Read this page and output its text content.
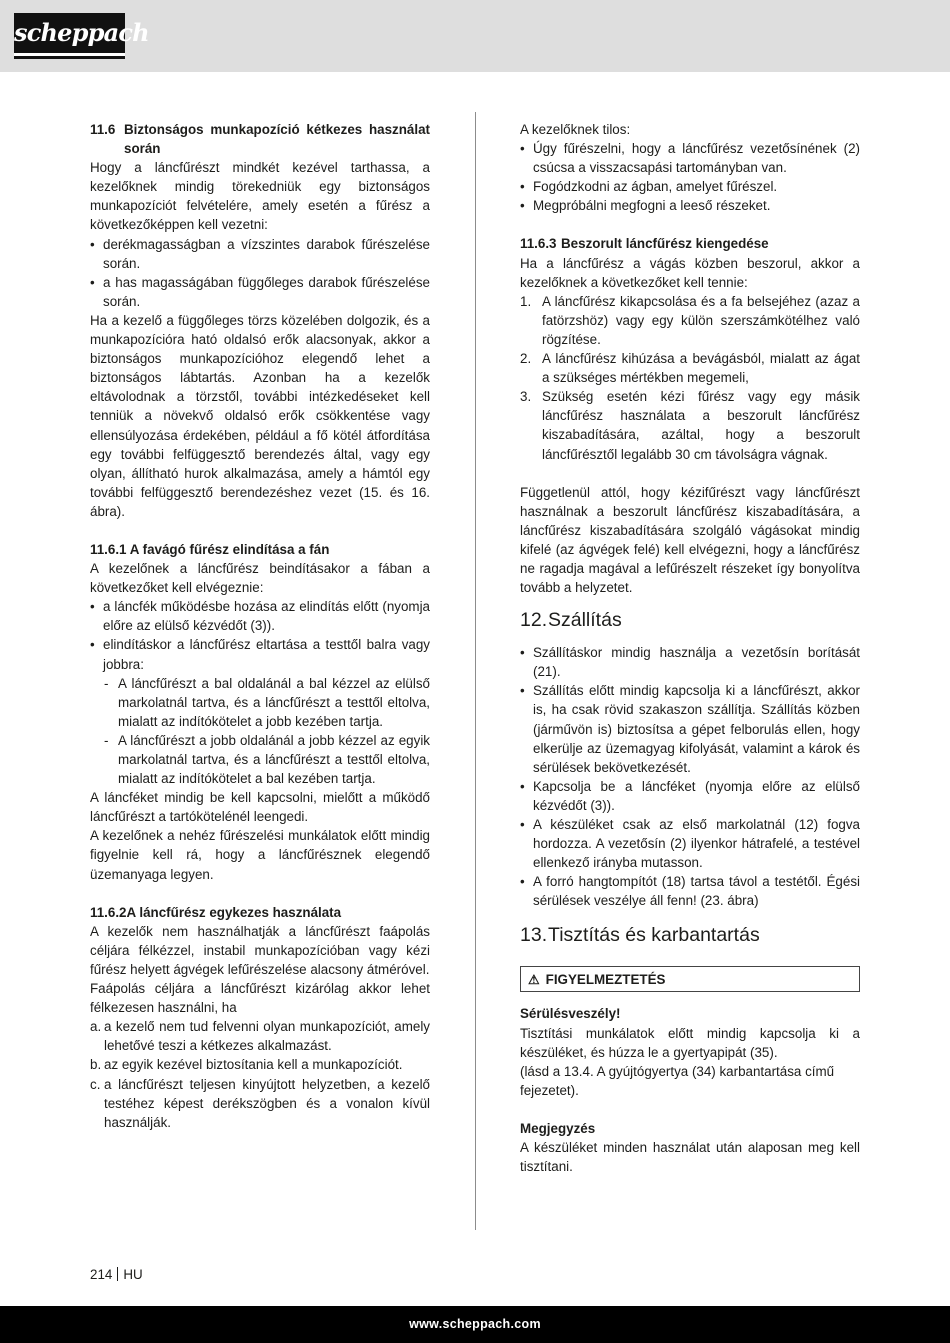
scheppach
11.6 Biztonságos munkapozíció kétkezes használat során

Hogy a láncfűrészt mindkét kezével tarthassa, a kezelőknek mindig törekedniük egy biztonságos munkapozíciót felvételére, amely esetén a fűrész a következőképpen kell vezetni:

• derékmagasságban a vízszintes darabok fűrészelése során.
• a has magasságában függőleges darabok fűrészelése során.

Ha a kezelő a függőleges törzs közelében dolgozik, és a munkapozícióra ható oldalsó erők alacsonyak, akkor a biztonságos munkapozícióhoz elegendő lehet a biztonságos lábtartás. Azonban ha a kezelők eltávolodnak a törzstől, további intézkedéseket kell tenniük a növekvő oldalsó erők csökkentése vagy ellensúlyozása érdekében, például a fő kötél átfordítása egy további felfüggesztő berendezés által, vagy egy olyan, állítható hurok alkalmazása, amely a hámtól egy további felfüggesztő berendezéshez vezet (15. és 16. ábra).

11.6.1 A favágó fűrész elindítása a fán

A kezelőnek a láncfűrész beindításakor a fában a következőket kell elvégeznie:

• a láncfék működésbe hozása az elindítás előtt (nyomja előre az elülső kézvédőt (3)).
• elindításkor a láncfűrész eltartása a testtől balra vagy jobbra:
- A láncfűrészt a bal oldalánál a bal kézzel az elülső markolatnál tartva, és a láncfűrészt a testtől eltolva, mialatt az indítókötelet a jobb kezében tartja.
- A láncfűrészt a jobb oldalánál a jobb kézzel az egyik markolatnál tartva, és a láncfűrészt a testtől eltolva, mialatt az indítókötelet a bal kezében tartja.

A láncféket mindig be kell kapcsolni, mielőtt a működő láncfűrészt a tartókötelénél leengedi.

A kezelőnek a nehéz fűrészelési munkálatok előtt mindig figyelnie kell rá, hogy a láncfűrésznek elegendő üzemanyaga legyen.

11.6.2A láncfűrész egykezes használata

A kezelők nem használhatják a láncfűrészt faápolás céljára félkézzel, instabil munkapozícióban vagy kézi fűrész helyett ágvégek lefűrészelése alacsony átméróvel.

Faápolás céljára a láncfűrészt kizárólag akkor lehet félkezesen használni, ha

a. a kezelő nem tud felvenni olyan munkapozíciót, amely lehetővé teszi a kétkezes alkalmazást.
b. az egyik kezével biztosítania kell a munkapozíciót.
c. a láncfűrészt teljesen kinyújtott helyzetben, a kezelő testéhez képest derékszögben és a vonalon kívül használják.

A kezelőknek tilos:

• Úgy fűrészelni, hogy a láncfűrész vezetősínének (2) csúcsa a visszacsapási tartományban van.
• Fogódzkodni az ágban, amelyet fűrészel.
• Megpróbálni megfogni a leeső részeket.
11.6.3 Beszorult láncfűrész kiengedése

Ha a láncfűrész a vágás közben beszorul, akkor a kezelőknek a következőket kell tennie:

1. A láncfűrész kikapcsolása és a fa belsejéhez (azaz a fatörzshöz) vagy egy külön szerszámkötélhez való rögzítése.
2. A láncfűrész kihúzása a bevágásból, mialatt az ágat a szükséges mértékben megemeli,
3. Szükség esetén kézi fűrész vagy egy másik láncfűrész használata a beszorult láncfűrész kiszabadítására, azáltal, hogy a beszorult láncfűrésztől legalább 30 cm távolságra vágnak.

Függetlenül attól, hogy kézifűrészt vagy láncfűrészt használnak a beszorult láncfűrész kiszabadítására, a láncfűrész kiszabadítására szolgáló vágásokat mindig kifelé (az ágvégek felé) kell elvégezni, hogy a láncfűrész ne ragadja magával a lefűrészelt részeket így bonyolítva tovább a helyzetet.

12. Szállítás
• Szállításkor mindig használja a vezetősín borítását (21).
• Szállítás előtt mindig kapcsolja ki a láncfűrészt, akkor is, ha csak rövid szakaszon szállítja. Szállítás közben (járművön is) biztosítsa a gépet felborulás ellen, hogy elkerülje az üzemagyag kifolyását, valamint a károk és sérülések bekövetkezését.
• Kapcsolja be a láncféket (nyomja előre az elülső kézvédőt (3)).
• A készüléket csak az első markolatnál (12) fogva hordozza. A vezetősín (2) ilyenkor hátrafelé, a testével ellenkező irányba mutasson.
• A forró hangtompítót (18) tartsa távol a testétől. Égési sérülések veszélye áll fenn! (23. ábra)
13. Tisztítás és karbantartás
⚠ FIGYELMEZTETÉS
Sérülésveszély!

Tisztítási munkálatok előtt mindig kapcsolja ki a készüléket, és húzza le a gyertyapipát (35).

(lásd a 13.4. A gyújtógyertya (34) karbantartása című fejezetet).

Megjegyzés

A készüléket minden használat után alaposan meg kell tisztítani.

214 HU
www.scheppach.com
